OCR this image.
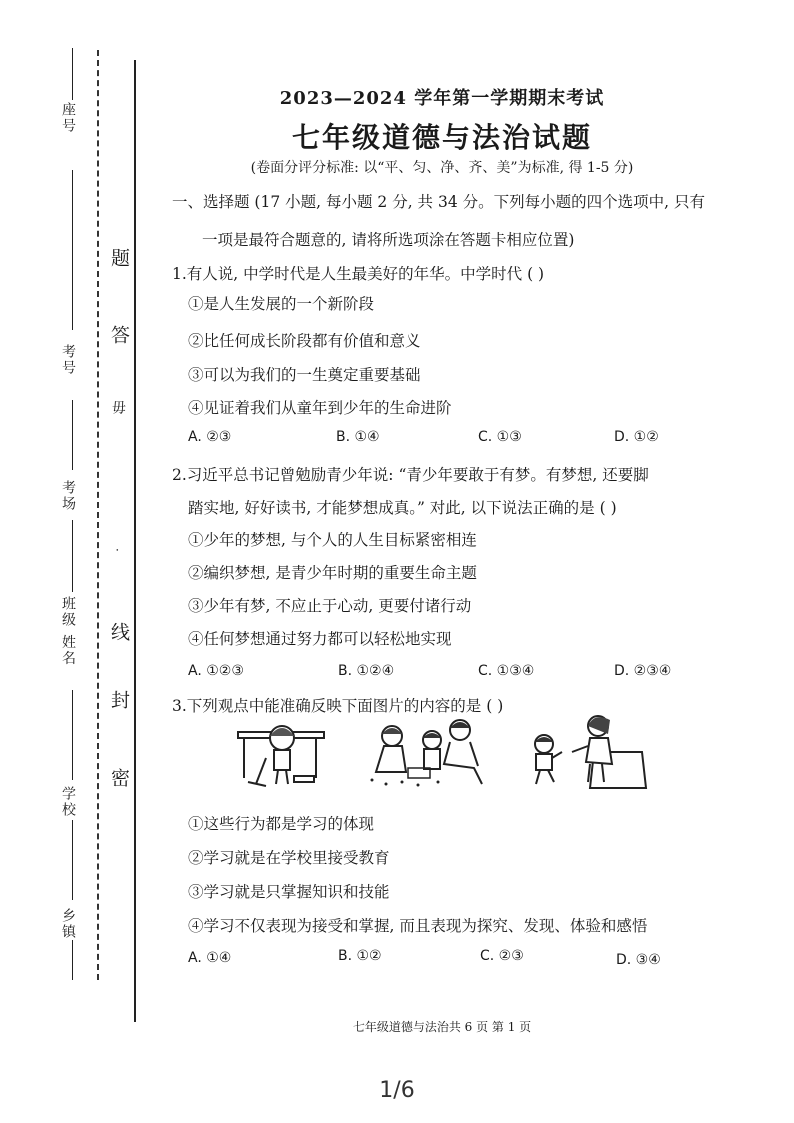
座号
考号
考场
班级 姓名
学校
乡镇
题
答
毋
·
线
封
密
2023—2024 学年第一学期期末考试
七年级道德与法治试题
(卷面分评分标准: 以“平、匀、净、齐、美”为标准, 得 1-5 分)
一、选择题 (17 小题, 每小题 2 分, 共 34 分。下列每小题的四个选项中, 只有
一项是最符合题意的, 请将所选项涂在答题卡相应位置)
1.有人说, 中学时代是人生最美好的年华。中学时代 ( )
①是人生发展的一个新阶段
②比任何成长阶段都有价值和意义
③可以为我们的一生奠定重要基础
④见证着我们从童年到少年的生命进阶
A. ②③	B. ①④	C. ①③	D. ①②
2.习近平总书记曾勉励青少年说: “青少年要敢于有梦。有梦想, 还要脚
踏实地, 好好读书, 才能梦想成真。” 对此, 以下说法正确的是 ( )
①少年的梦想, 与个人的人生目标紧密相连
②编织梦想, 是青少年时期的重要生命主题
③少年有梦, 不应止于心动, 更要付诸行动
④任何梦想通过努力都可以轻松地实现
A. ①②③	B. ①②④	C. ①③④	D. ②③④
3.下列观点中能准确反映下面图片的内容的是 ( )
①这些行为都是学习的体现
②学习就是在学校里接受教育
③学习就是只掌握知识和技能
④学习不仅表现为接受和掌握, 而且表现为探究、发现、体验和感悟
A. ①④	B. ①②	C. ②③	D. ③④
七年级道德与法治共 6 页 第 1 页
1/6
